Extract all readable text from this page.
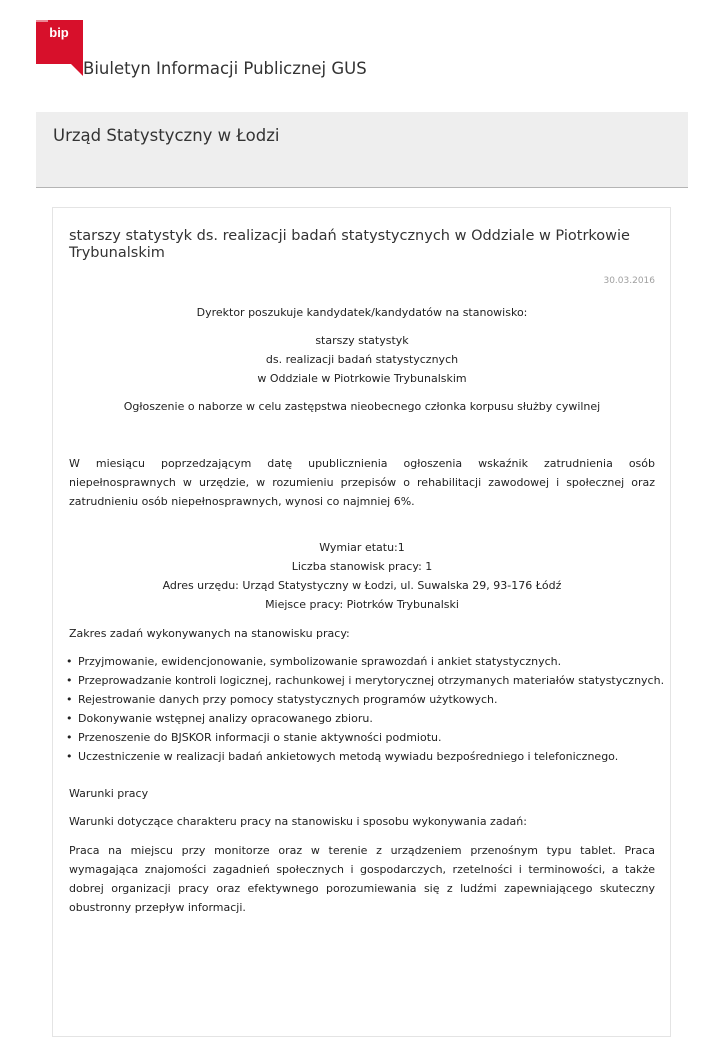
bip
Biuletyn Informacji Publicznej GUS
Urząd Statystyczny w Łodzi
starszy statystyk ds. realizacji badań statystycznych w Oddziale w Piotrkowie Trybunalskim
30.03.2016
Dyrektor poszukuje kandydatek/kandydatów na stanowisko:
starszy statystyk
ds. realizacji badań statystycznych
w Oddziale w Piotrkowie Trybunalskim
Ogłoszenie o naborze w celu zastępstwa nieobecnego członka korpusu służby cywilnej
W miesiącu poprzedzającym datę upublicznienia ogłoszenia wskaźnik zatrudnienia osób niepełnosprawnych w urzędzie, w rozumieniu przepisów o rehabilitacji zawodowej i społecznej oraz zatrudnieniu osób niepełnosprawnych, wynosi co najmniej 6%.
Wymiar etatu:1
Liczba stanowisk pracy: 1
Adres urzędu: Urząd Statystyczny w Łodzi, ul. Suwalska 29, 93-176 Łódź
Miejsce pracy: Piotrków Trybunalski
Zakres zadań wykonywanych na stanowisku pracy:
• Przyjmowanie, ewidencjonowanie, symbolizowanie sprawozdań i ankiet statystycznych.
• Przeprowadzanie kontroli logicznej, rachunkowej i merytorycznej otrzymanych materiałów statystycznych.
• Rejestrowanie danych przy pomocy statystycznych programów użytkowych.
• Dokonywanie wstępnej analizy opracowanego zbioru.
• Przenoszenie do BJSKOR informacji o stanie aktywności podmiotu.
• Uczestniczenie w realizacji badań ankietowych metodą wywiadu bezpośredniego i telefonicznego.
Warunki pracy
Warunki dotyczące charakteru pracy na stanowisku i sposobu wykonywania zadań:
Praca na miejscu przy monitorze oraz w terenie z urządzeniem przenośnym typu tablet. Praca wymagająca znajomości zagadnień społecznych i gospodarczych, rzetelności i terminowości, a także dobrej organizacji pracy oraz efektywnego porozumiewania się z ludźmi zapewniającego skuteczny obustronny przepływ informacji.
